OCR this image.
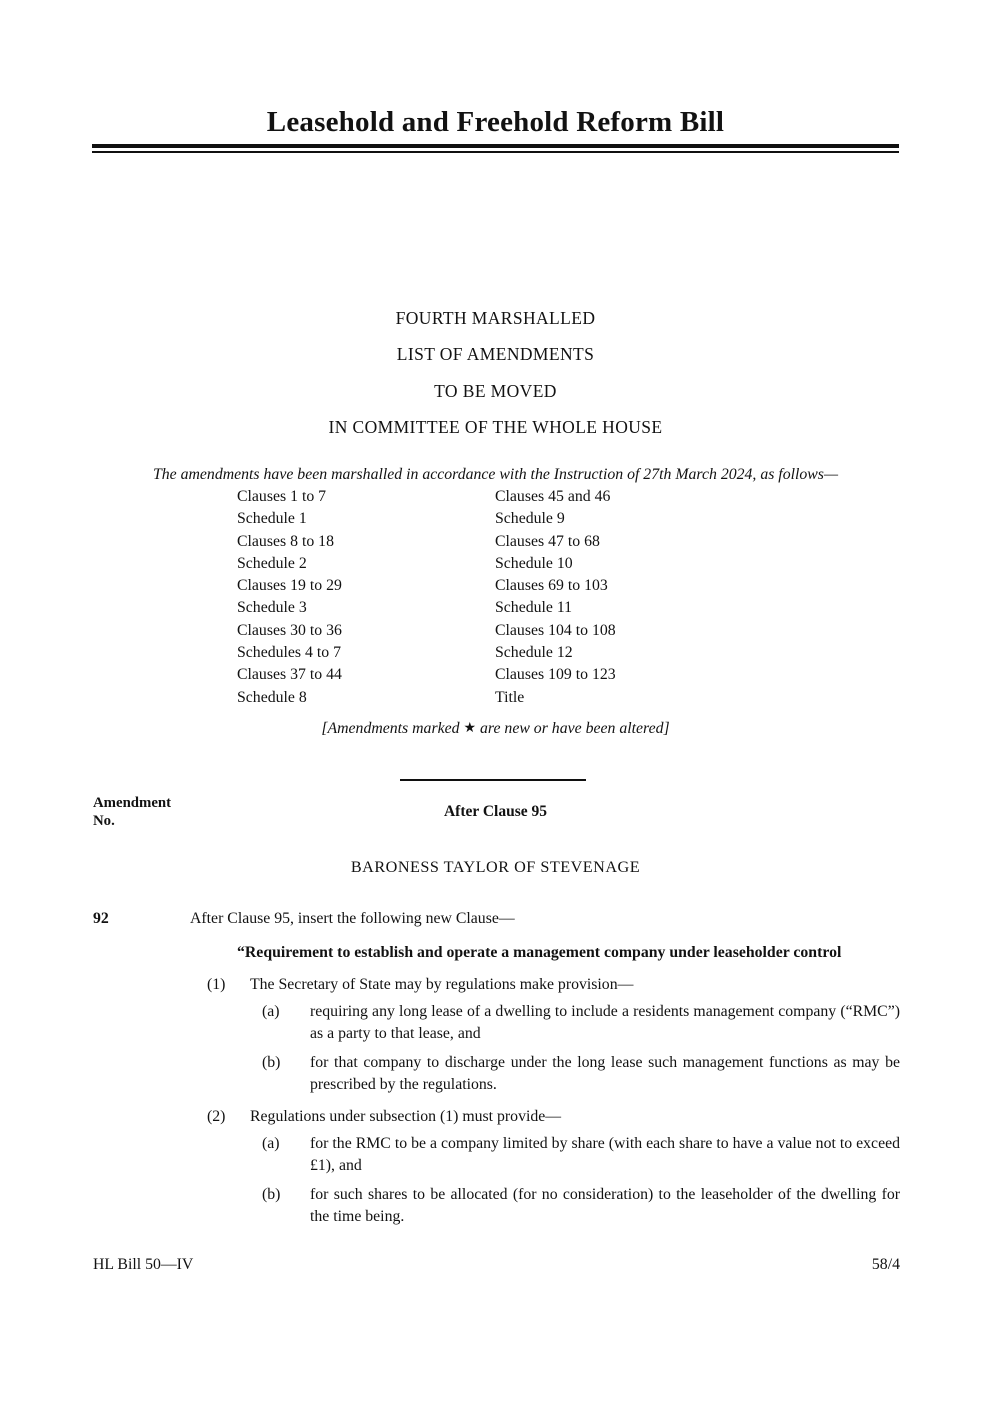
Leasehold and Freehold Reform Bill
FOURTH MARSHALLED
LIST OF AMENDMENTS
TO BE MOVED
IN COMMITTEE OF THE WHOLE HOUSE
The amendments have been marshalled in accordance with the Instruction of 27th March 2024, as follows—
Clauses 1 to 7	Clauses 45 and 46
Schedule 1	Schedule 9
Clauses 8 to 18	Clauses 47 to 68
Schedule 2	Schedule 10
Clauses 19 to 29	Clauses 69 to 103
Schedule 3	Schedule 11
Clauses 30 to 36	Clauses 104 to 108
Schedules 4 to 7	Schedule 12
Clauses 37 to 44	Clauses 109 to 123
Schedule 8	Title
[Amendments marked ★ are new or have been altered]
Amendment
No.
After Clause 95
BARONESS TAYLOR OF STEVENAGE
92	After Clause 95, insert the following new Clause—
“Requirement to establish and operate a management company under leaseholder control
(1)	The Secretary of State may by regulations make provision—
(a)	requiring any long lease of a dwelling to include a residents management company (“RMC”) as a party to that lease, and
(b)	for that company to discharge under the long lease such management functions as may be prescribed by the regulations.
(2)	Regulations under subsection (1) must provide—
(a)	for the RMC to be a company limited by share (with each share to have a value not to exceed £1), and
(b)	for such shares to be allocated (for no consideration) to the leaseholder of the dwelling for the time being.
HL Bill 50—IV	58/4
